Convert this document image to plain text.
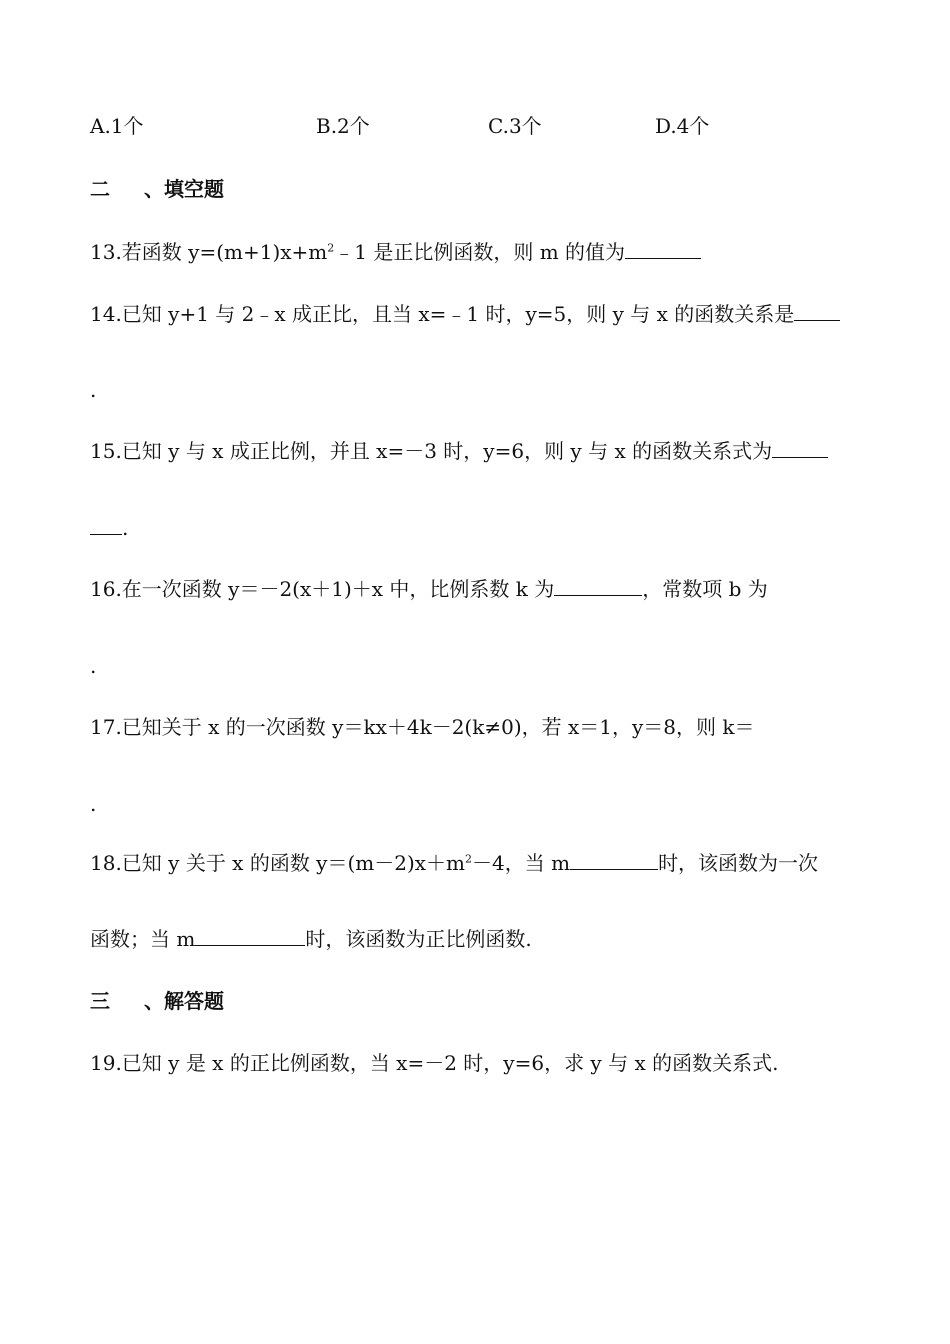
A.1个	B.2个	C.3个	D.4个
二 、填空题
13.若函数 $y=(m+1)x+m^2﹣1$ 是正比例函数，则 m 的值为
14.已知 y+1 与 2﹣x 成正比，且当 x=﹣1 时，y=5，则 y 与 x 的函数关系是
.
15.已知 y 与 x 成正比例，并且 x=－3 时，y=6，则 y 与 x 的函数关系式为
.
16.在一次函数 y＝－2(x＋1)＋x 中，比例系数 k 为	，常数项 b 为
.
17.已知关于 x 的一次函数 y＝kx＋4k－2(k≠0)，若 x＝1，y＝8，则 k＝
.
18.已知 y 关于 x 的函数 $y=(m-2)x+m^2-4$，当 m	时，该函数为一次
函数；当 m	时，该函数为正比例函数.
三 、解答题
19.已知 y 是 x 的正比例函数，当 x=－2 时，y=6，求 y 与 x 的函数关系式.
